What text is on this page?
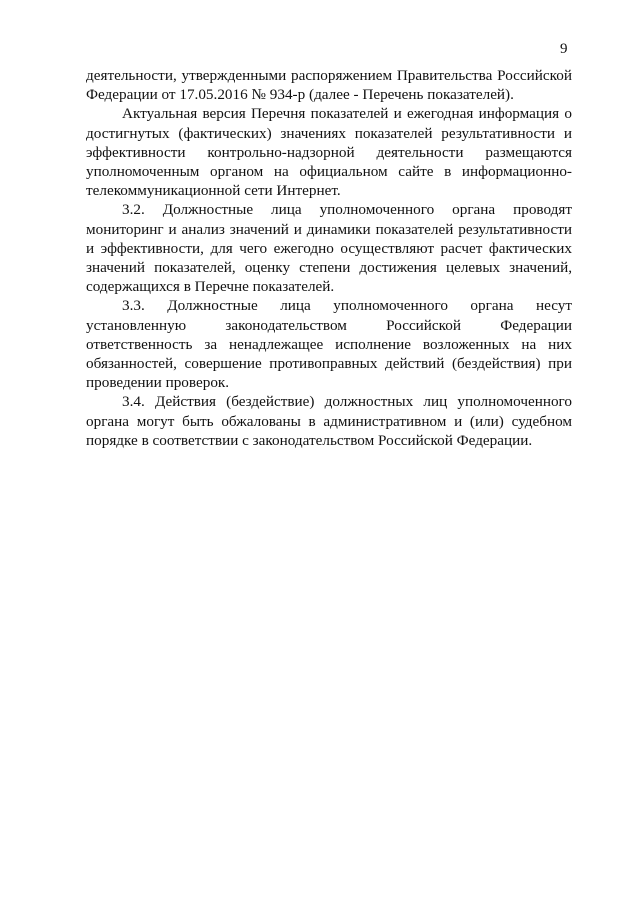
9

деятельности, утвержденными распоряжением Правительства Российской Федерации от 17.05.2016 № 934-р (далее - Перечень показателей).

Актуальная версия Перечня показателей и ежегодная информация о достигнутых (фактических) значениях показателей результативности и эффективности контрольно-надзорной деятельности размещаются уполномоченным органом на официальном сайте в информационно-телекоммуникационной сети Интернет.

3.2. Должностные лица уполномоченного органа проводят мониторинг и анализ значений и динамики показателей результативности и эффективности, для чего ежегодно осуществляют расчет фактических значений показателей, оценку степени достижения целевых значений, содержащихся в Перечне показателей.

3.3. Должностные лица уполномоченного органа несут установленную законодательством Российской Федерации ответственность за ненадлежащее исполнение возложенных на них обязанностей, совершение противоправных действий (бездействия) при проведении проверок.

3.4. Действия (бездействие) должностных лиц уполномоченного органа могут быть обжалованы в административном и (или) судебном порядке в соответствии с законодательством Российской Федерации.
